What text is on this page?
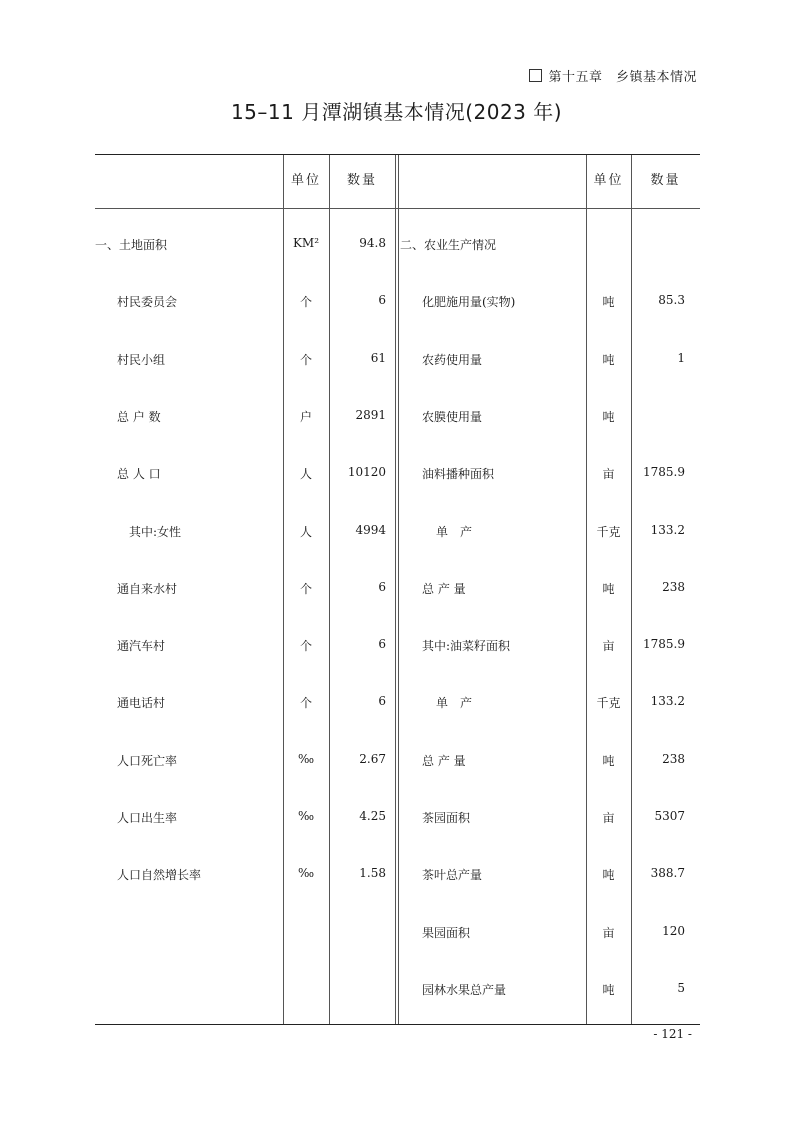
第十五章　乡镇基本情况
15–11 月潭湖镇基本情况(2023 年)
单位	数量	单位	数量
一、土地面积	KM²	94.8
村民委员会	个	6
村民小组	个	61
总 户 数	户	2891
总 人 口	人	10120
其中:女性	人	4994
通自来水村	个	6
通汽车村	个	6
通电话村	个	6
人口死亡率	‰	2.67
人口出生率	‰	4.25
人口自然增长率	‰	1.58
二、农业生产情况
化肥施用量(实物)	吨	85.3
农药使用量	吨	1
农膜使用量	吨
油料播种面积	亩	1785.9
单　产	千克	133.2
总 产 量	吨	238
其中:油菜籽面积	亩	1785.9
单　产	千克	133.2
总 产 量	吨	238
茶园面积	亩	5307
茶叶总产量	吨	388.7
果园面积	亩	120
园林水果总产量	吨	5
- 121 -
